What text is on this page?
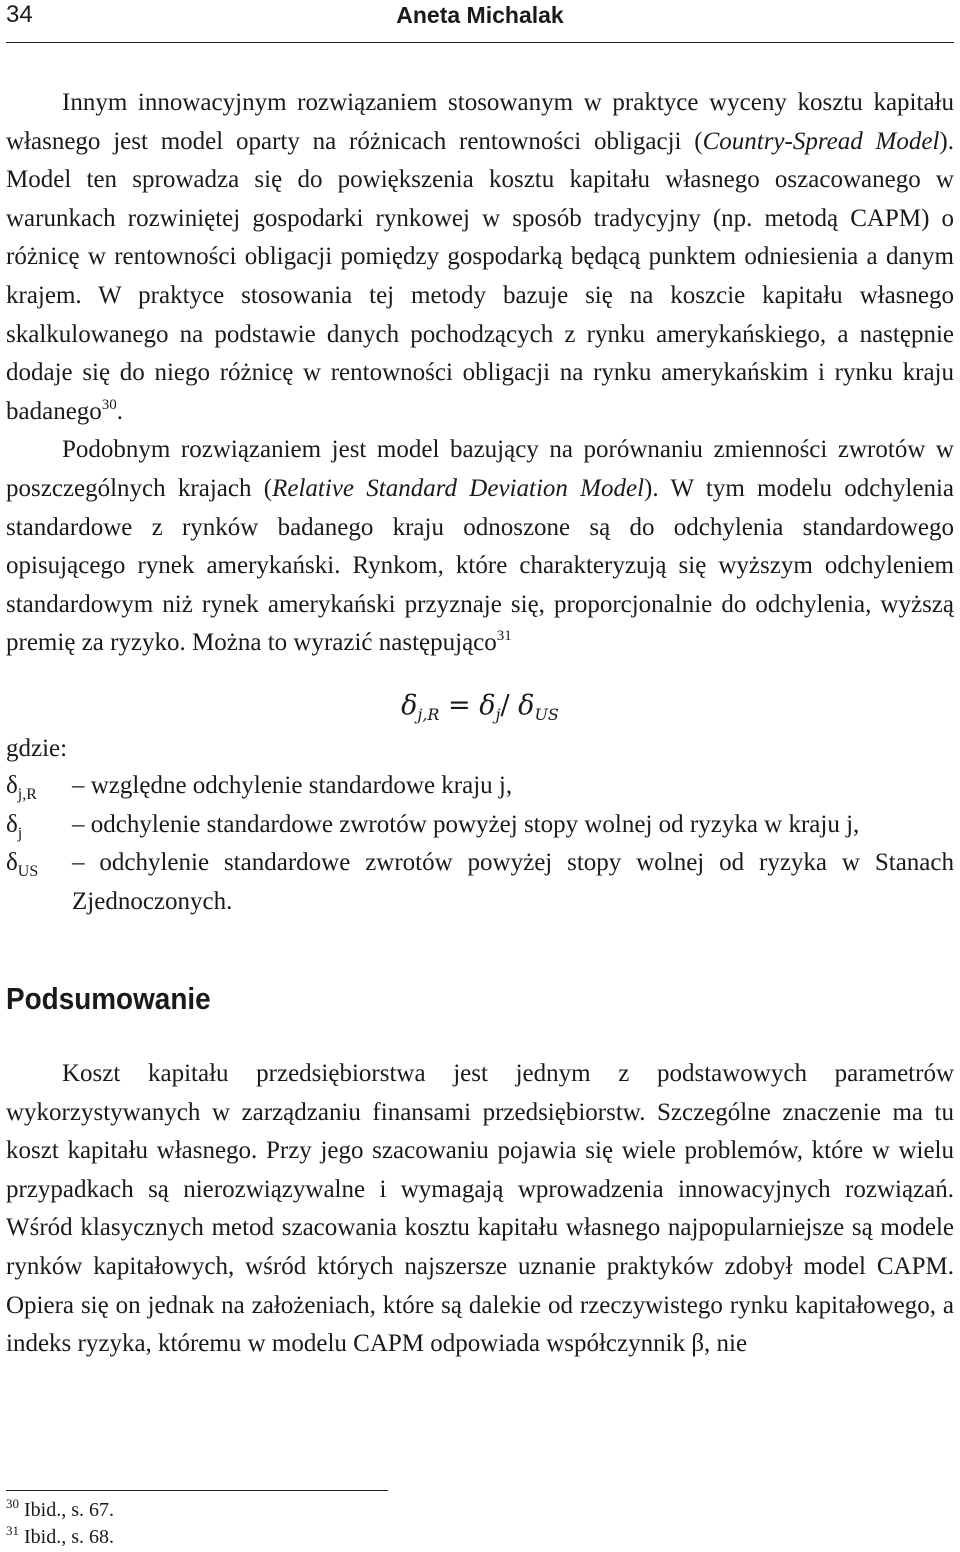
34	Aneta Michalak

Innym innowacyjnym rozwiązaniem stosowanym w praktyce wyceny kosztu kapitału własnego jest model oparty na różnicach rentowności obligacji (Country-Spread Model). Model ten sprowadza się do powiększenia kosztu kapitału własnego oszacowanego w warunkach rozwiniętej gospodarki rynkowej w sposób tradycyjny (np. metodą CAPM) o różnicę w rentowności obligacji pomiędzy gospodarką będącą punktem odniesienia a danym krajem. W praktyce stosowania tej metody bazuje się na koszcie kapitału własnego skalkulowanego na podstawie danych pochodzących z rynku amerykańskiego, a następnie dodaje się do niego różnicę w rentowności obligacji na rynku amerykańskim i rynku kraju badanego$^{30}$.
Podobnym rozwiązaniem jest model bazujący na porównaniu zmienności zwrotów w poszczególnych krajach (Relative Standard Deviation Model). W tym modelu odchylenia standardowe z rynków badanego kraju odnoszone są do odchylenia standardowego opisującego rynek amerykański. Rynkom, które charakteryzują się wyższym odchyleniem standardowym niż rynek amerykański przyznaje się, proporcjonalnie do odchylenia, wyższą premię za ryzyko. Można to wyrazić następująco$^{31}$

$\delta_{j,R} = \delta_j/$ $\delta_{US}$

gdzie:

$\delta_{j,R}$ – względne odchylenie standardowe kraju j,
$\delta_j$ – odchylenie standardowe zwrotów powyżej stopy wolnej od ryzyka w kraju j,
$\delta_{US}$ – odchylenie standardowe zwrotów powyżej stopy wolnej od ryzyka w Stanach Zjednoczonych.
Podsumowanie

Koszt kapitału przedsiębiorstwa jest jednym z podstawowych parametrów wykorzystywanych w zarządzaniu finansami przedsiębiorstw. Szczególne znaczenie ma tu koszt kapitału własnego. Przy jego szacowaniu pojawia się wiele problemów, które w wielu przypadkach są nierozwiązywalne i wymagają wprowadzenia innowacyjnych rozwiązań. Wśród klasycznych metod szacowania kosztu kapitału własnego najpopularniejsze są modele rynków kapitałowych, wśród których najszersze uznanie praktyków zdobył model CAPM. Opiera się on jednak na założeniach, które są dalekie od rzeczywistego rynku kapitałowego, a indeks ryzyka, któremu w modelu CAPM odpowiada współczynnik β, nie

$^{30}$ Ibid., s. 67.

$^{31}$ Ibid., s. 68.
